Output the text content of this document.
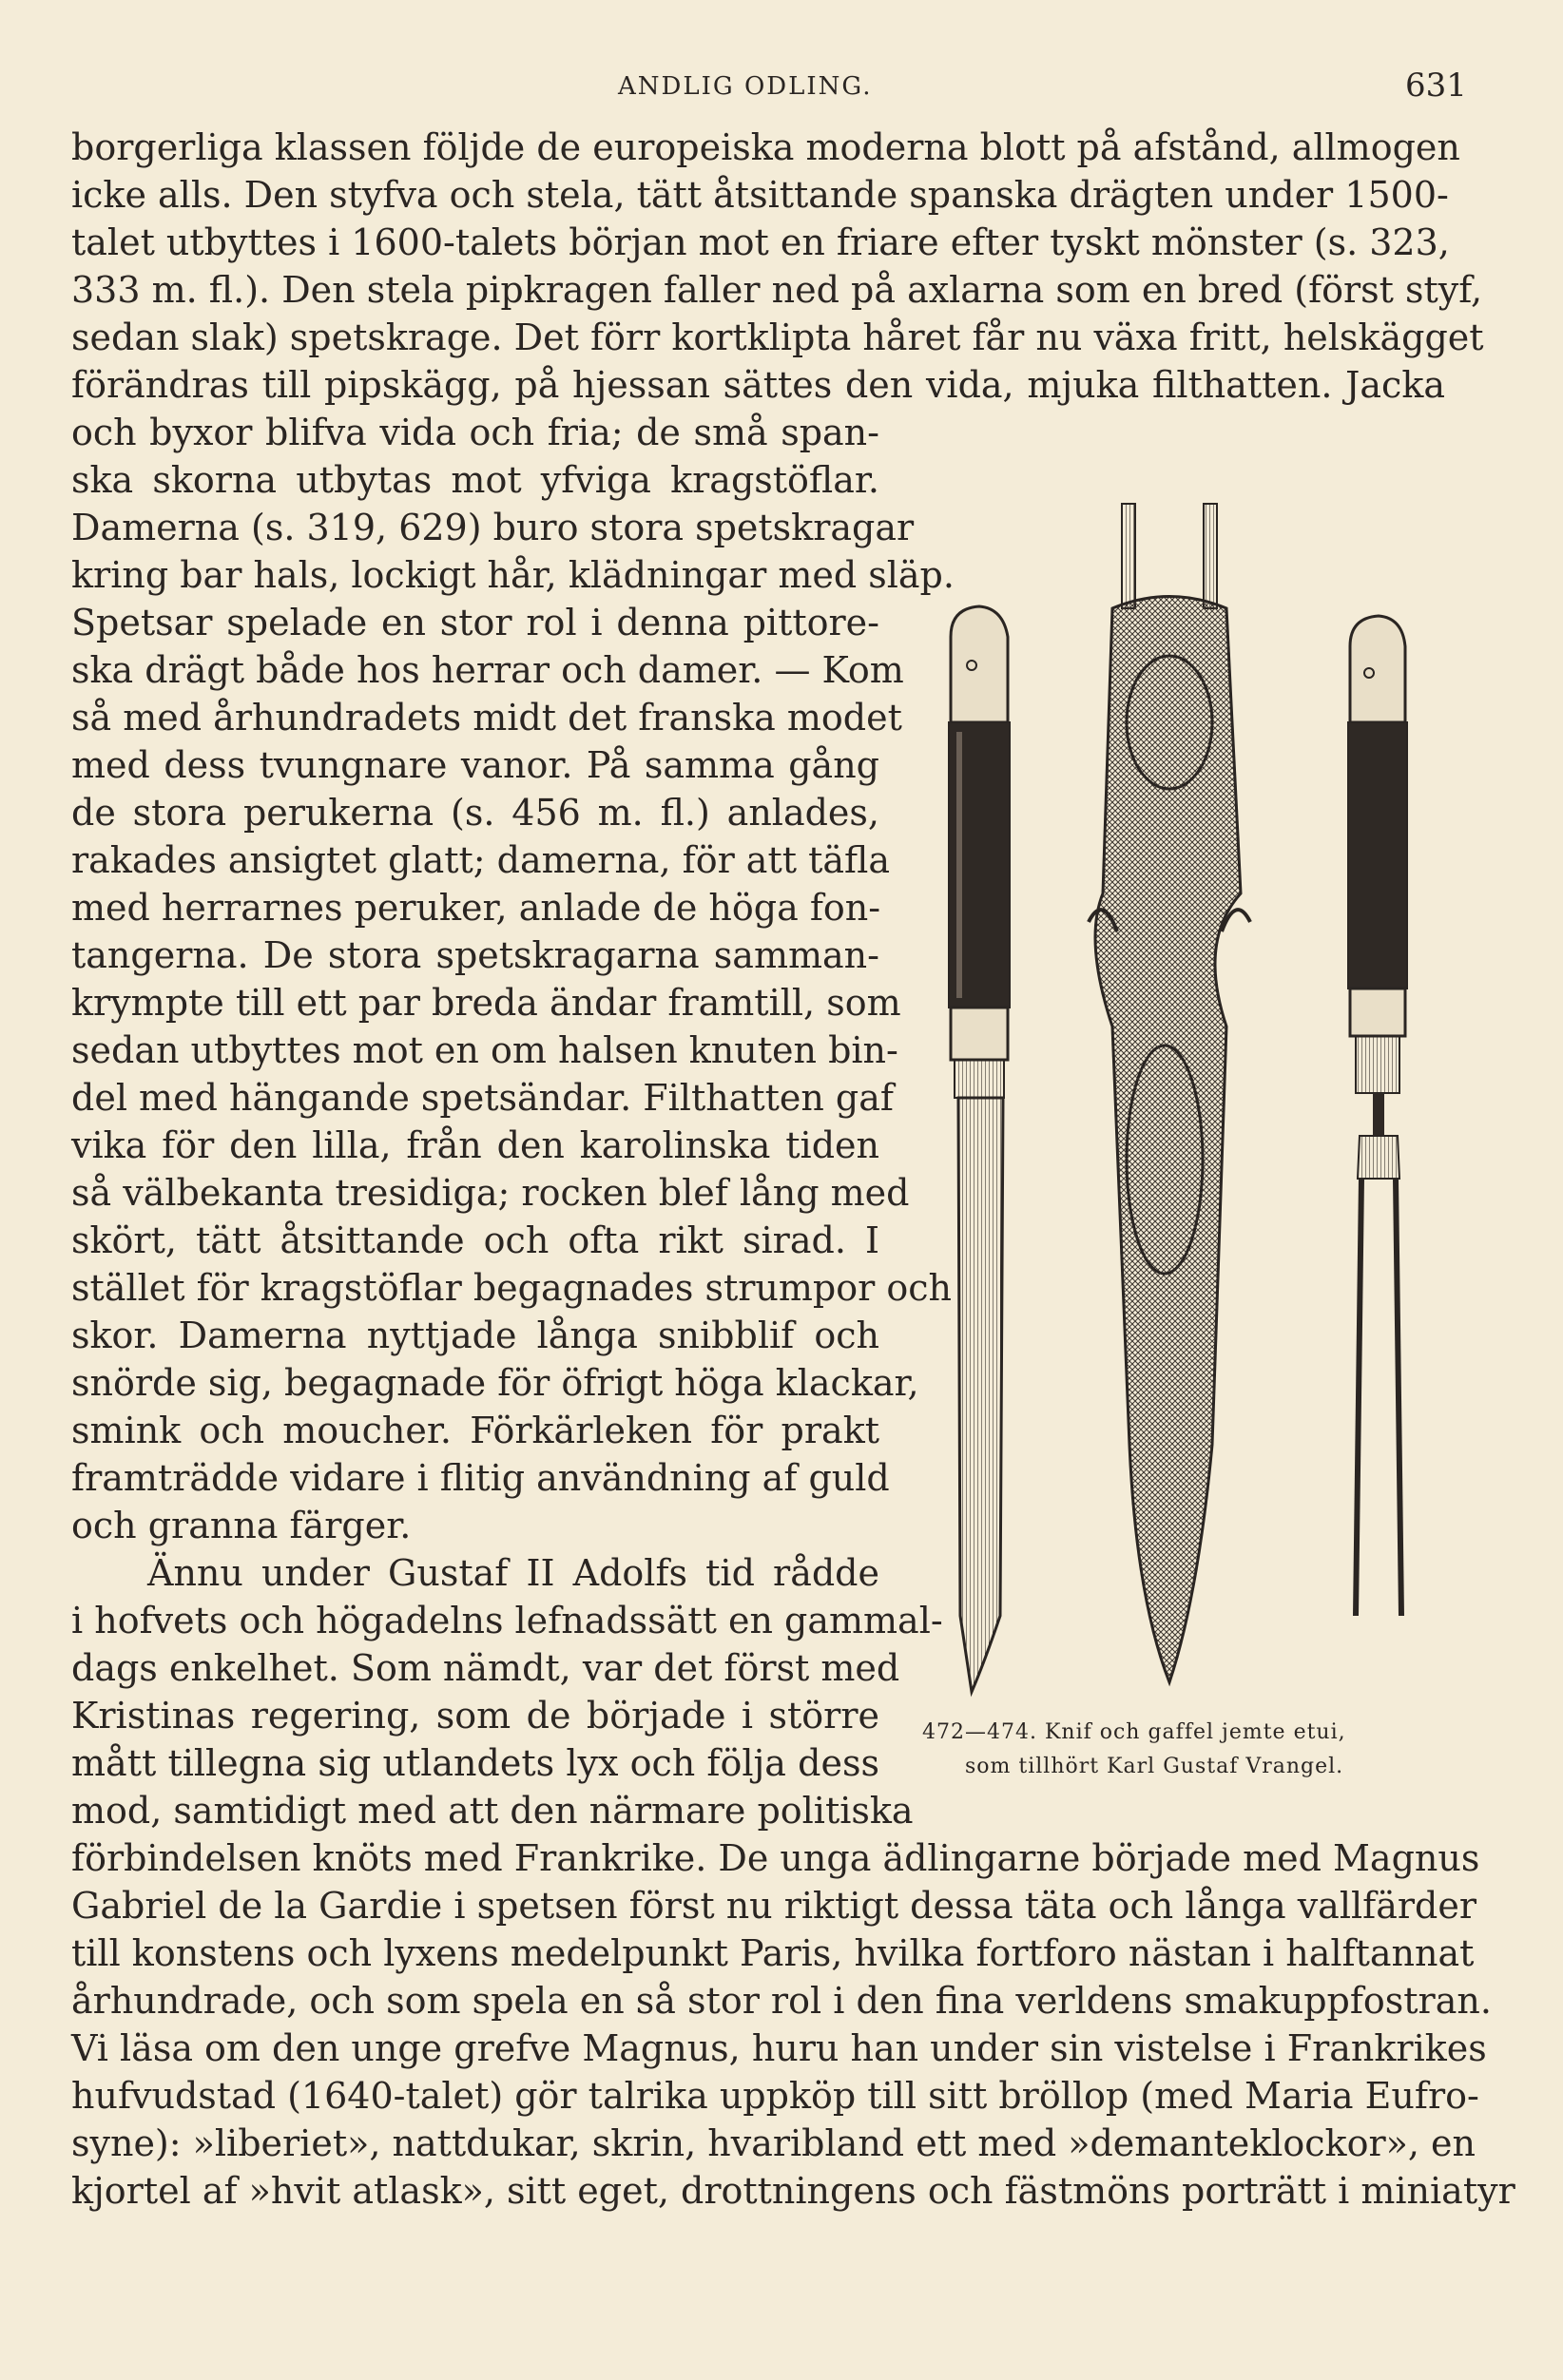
ANDLIG ODLING.	631
borgerliga klassen följde de europeiska moderna blott på afstånd, allmogen
icke alls. Den styfva och stela, tätt åtsittande spanska drägten under 1500-
talet utbyttes i 1600-talets början mot en friare efter tyskt mönster (s. 323,
333 m. fl.). Den stela pipkragen faller ned på axlarna som en bred (först styf,
sedan slak) spetskrage. Det förr kortklipta håret får nu växa fritt, helskägget
förändras till pipskägg, på hjessan sättes den vida, mjuka filthatten. Jacka
och byxor blifva vida och fria; de små span-
ska skorna utbytas mot yfviga kragstöflar.
Damerna (s. 319, 629) buro stora spetskragar
kring bar hals, lockigt hår, klädningar med släp.
Spetsar spelade en stor rol i denna pittore-
ska drägt både hos herrar och damer. — Kom
så med århundradets midt det franska modet
med dess tvungnare vanor. På samma gång
de stora perukerna (s. 456 m. fl.) anlades,
rakades ansigtet glatt; damerna, för att täfla
med herrarnes peruker, anlade de höga fon-
tangerna. De stora spetskragarna samman-
krympte till ett par breda ändar framtill, som
sedan utbyttes mot en om halsen knuten bin-
del med hängande spetsändar. Filthatten gaf
vika för den lilla, från den karolinska tiden
så välbekanta tresidiga; rocken blef lång med
skört, tätt åtsittande och ofta rikt sirad. I
stället för kragstöflar begagnades strumpor och
skor. Damerna nyttjade långa snibblif och
snörde sig, begagnade för öfrigt höga klackar,
smink och moucher. Förkärleken för prakt
framträdde vidare i flitig användning af guld
och granna färger.
Ännu under Gustaf II Adolfs tid rådde
i hofvets och högadelns lefnadssätt en gammal-
dags enkelhet. Som nämdt, var det först med
Kristinas regering, som de började i större
mått tillegna sig utlandets lyx och följa dess
mod, samtidigt med att den närmare politiska
förbindelsen knöts med Frankrike. De unga ädlingarne började med Magnus
Gabriel de la Gardie i spetsen först nu riktigt dessa täta och långa vallfärder
till konstens och lyxens medelpunkt Paris, hvilka fortforo nästan i halftannat
århundrade, och som spela en så stor rol i den fina verldens smakuppfostran.
Vi läsa om den unge grefve Magnus, huru han under sin vistelse i Frankrikes
hufvudstad (1640-talet) gör talrika uppköp till sitt bröllop (med Maria Eufro-
syne): »liberiet», nattdukar, skrin, hvaribland ett med »demanteklockor», en
kjortel af »hvit atlask», sitt eget, drottningens och fästmöns porträtt i miniatyr
472—474. Knif och gaffel jemte etui,
som tillhört Karl Gustaf Vrangel.
